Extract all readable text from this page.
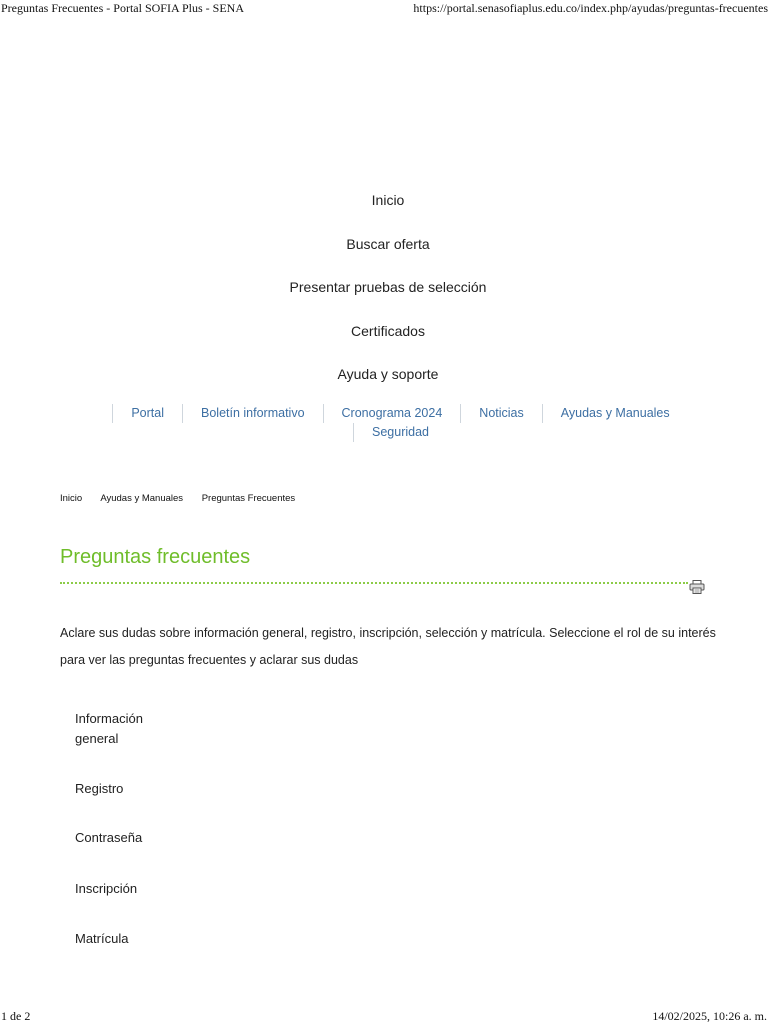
Preguntas Frecuentes - Portal SOFIA Plus - SENA	https://portal.senasofiaplus.edu.co/index.php/ayudas/preguntas-frecuentes
Inicio
Buscar oferta
Presentar pruebas de selección
Certificados
Ayuda y soporte
Portal	Boletín informativo	Cronograma 2024	Noticias	Ayudas y Manuales
Seguridad
Inicio Ayudas y Manuales Preguntas Frecuentes
Preguntas frecuentes

Aclare sus dudas sobre información general, registro, inscripción, selección y matrícula. Seleccione el rol de su interés para ver las preguntas frecuentes y aclarar sus dudas

Información general
Registro
Contraseña
Inscripción
Matrícula
1 de 2	14/02/2025, 10:26 a. m.
